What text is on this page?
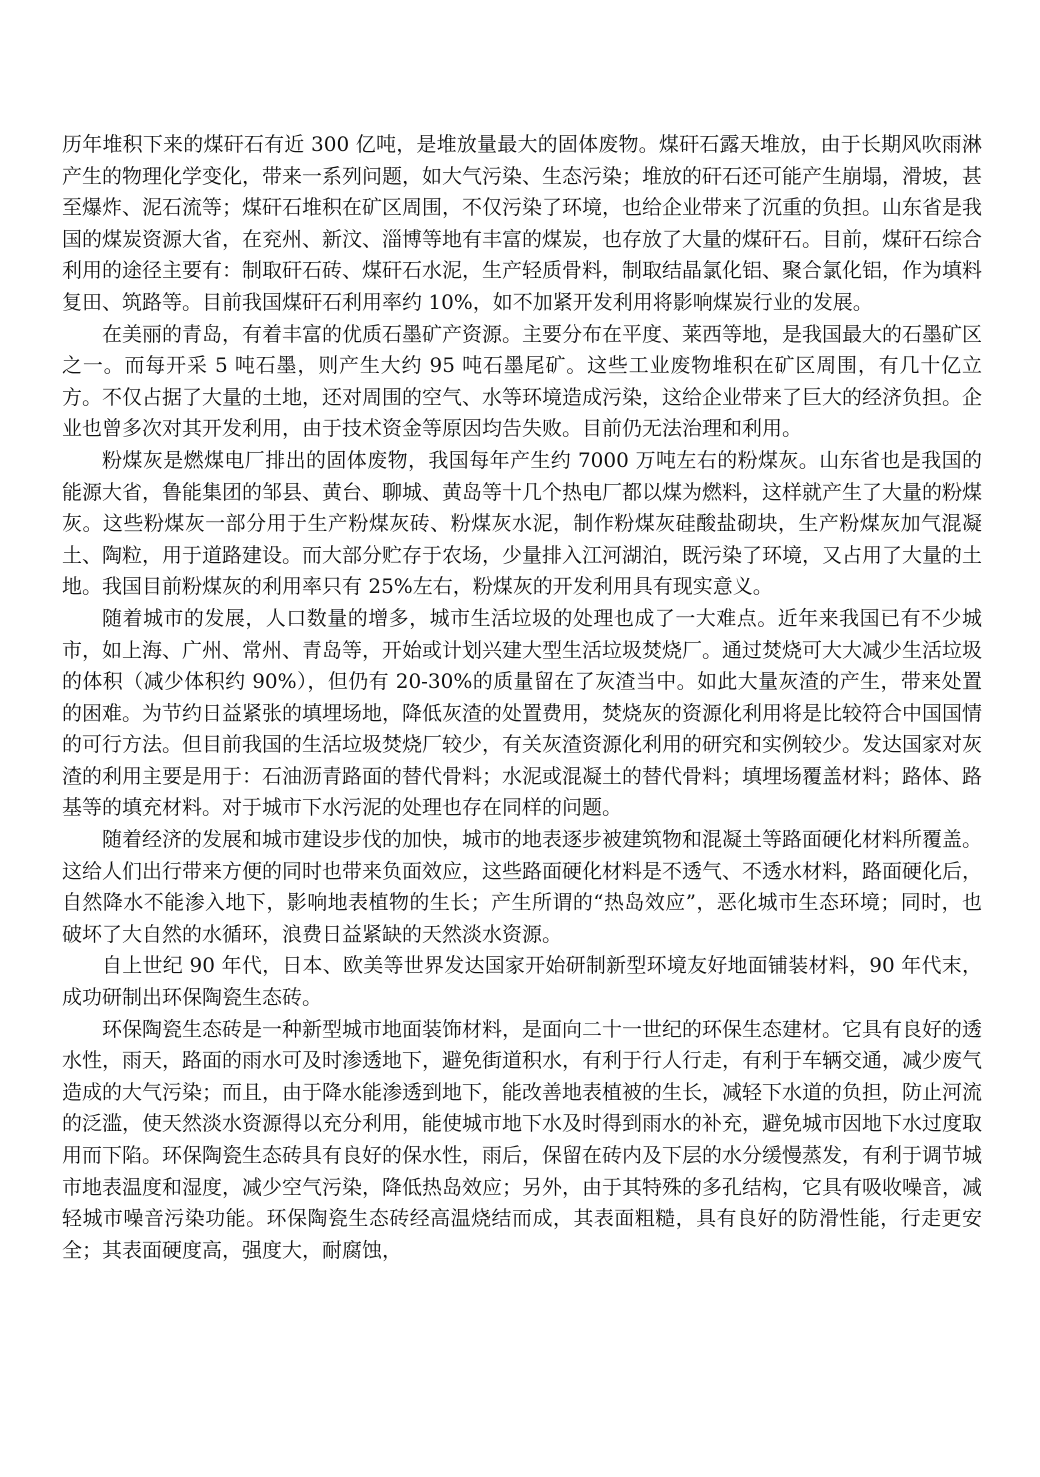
历年堆积下来的煤矸石有近 300 亿吨，是堆放量最大的固体废物。煤矸石露天堆放，由于长期风吹雨淋产生的物理化学变化，带来一系列问题，如大气污染、生态污染；堆放的矸石还可能产生崩塌，滑坡，甚至爆炸、泥石流等；煤矸石堆积在矿区周围，不仅污染了环境，也给企业带来了沉重的负担。山东省是我国的煤炭资源大省，在兖州、新汶、淄博等地有丰富的煤炭，也存放了大量的煤矸石。目前，煤矸石综合利用的途径主要有：制取矸石砖、煤矸石水泥，生产轻质骨料，制取结晶氯化铝、聚合氯化铝，作为填料复田、筑路等。目前我国煤矸石利用率约 10%，如不加紧开发利用将影响煤炭行业的发展。

在美丽的青岛，有着丰富的优质石墨矿产资源。主要分布在平度、莱西等地，是我国最大的石墨矿区之一。而每开采 5 吨石墨，则产生大约 95 吨石墨尾矿。这些工业废物堆积在矿区周围，有几十亿立方。不仅占据了大量的土地，还对周围的空气、水等环境造成污染，这给企业带来了巨大的经济负担。企业也曾多次对其开发利用，由于技术资金等原因均告失败。目前仍无法治理和利用。

粉煤灰是燃煤电厂排出的固体废物，我国每年产生约 7000 万吨左右的粉煤灰。山东省也是我国的能源大省，鲁能集团的邹县、黄台、聊城、黄岛等十几个热电厂都以煤为燃料，这样就产生了大量的粉煤灰。这些粉煤灰一部分用于生产粉煤灰砖、粉煤灰水泥，制作粉煤灰硅酸盐砌块，生产粉煤灰加气混凝土、陶粒，用于道路建设。而大部分贮存于农场，少量排入江河湖泊，既污染了环境，又占用了大量的土地。我国目前粉煤灰的利用率只有 25%左右，粉煤灰的开发利用具有现实意义。

随着城市的发展，人口数量的增多，城市生活垃圾的处理也成了一大难点。近年来我国已有不少城市，如上海、广州、常州、青岛等，开始或计划兴建大型生活垃圾焚烧厂。通过焚烧可大大减少生活垃圾的体积（减少体积约 90%），但仍有 20-30%的质量留在了灰渣当中。如此大量灰渣的产生，带来处置的困难。为节约日益紧张的填埋场地，降低灰渣的处置费用，焚烧灰的资源化利用将是比较符合中国国情的可行方法。但目前我国的生活垃圾焚烧厂较少，有关灰渣资源化利用的研究和实例较少。发达国家对灰渣的利用主要是用于：石油沥青路面的替代骨料；水泥或混凝土的替代骨料；填埋场覆盖材料；路体、路基等的填充材料。对于城市下水污泥的处理也存在同样的问题。

随着经济的发展和城市建设步伐的加快，城市的地表逐步被建筑物和混凝土等路面硬化材料所覆盖。这给人们出行带来方便的同时也带来负面效应，这些路面硬化材料是不透气、不透水材料，路面硬化后，自然降水不能渗入地下，影响地表植物的生长；产生所谓的“热岛效应”，恶化城市生态环境；同时，也破坏了大自然的水循环，浪费日益紧缺的天然淡水资源。

自上世纪 90 年代，日本、欧美等世界发达国家开始研制新型环境友好地面铺装材料，90 年代末，成功研制出环保陶瓷生态砖。

环保陶瓷生态砖是一种新型城市地面装饰材料，是面向二十一世纪的环保生态建材。它具有良好的透水性，雨天，路面的雨水可及时渗透地下，避免街道积水，有利于行人行走，有利于车辆交通，减少废气造成的大气污染；而且，由于降水能渗透到地下，能改善地表植被的生长，减轻下水道的负担，防止河流的泛滥，使天然淡水资源得以充分利用，能使城市地下水及时得到雨水的补充，避免城市因地下水过度取用而下陷。环保陶瓷生态砖具有良好的保水性，雨后，保留在砖内及下层的水分缓慢蒸发，有利于调节城市地表温度和湿度，减少空气污染，降低热岛效应；另外，由于其特殊的多孔结构，它具有吸收噪音，减轻城市噪音污染功能。环保陶瓷生态砖经高温烧结而成，其表面粗糙，具有良好的防滑性能，行走更安全；其表面硬度高，强度大，耐腐蚀，
